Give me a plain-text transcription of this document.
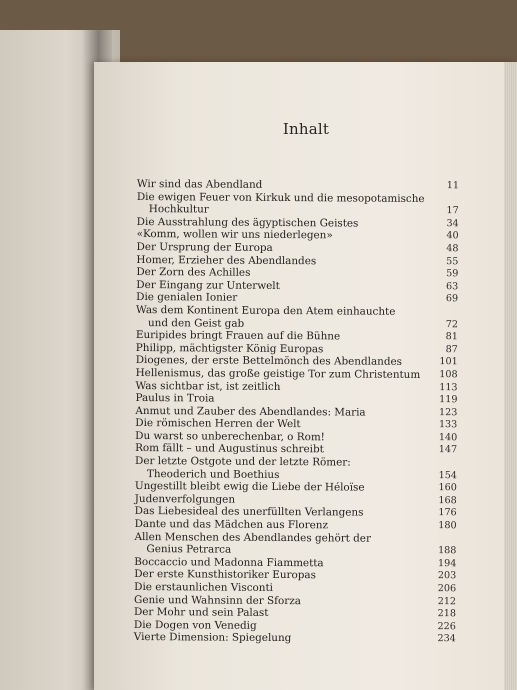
Inhalt
Wir sind das Abendland	11
Die ewigen Feuer von Kirkuk und die mesopotamische
Hochkultur	17
Die Ausstrahlung des ägyptischen Geistes	34
«Komm, wollen wir uns niederlegen»	40
Der Ursprung der Europa	48
Homer, Erzieher des Abendlandes	55
Der Zorn des Achilles	59
Der Eingang zur Unterwelt	63
Die genialen Ionier	69
Was dem Kontinent Europa den Atem einhauchte
und den Geist gab	72
Euripides bringt Frauen auf die Bühne	81
Philipp, mächtigster König Europas	87
Diogenes, der erste Bettelmönch des Abendlandes	101
Hellenismus, das große geistige Tor zum Christentum	108
Was sichtbar ist, ist zeitlich	113
Paulus in Troia	119
Anmut und Zauber des Abendlandes: Maria	123
Die römischen Herren der Welt	133
Du warst so unberechenbar, o Rom!	140
Rom fällt – und Augustinus schreibt	147
Der letzte Ostgote und der letzte Römer:
Theoderich und Boethius	154
Ungestillt bleibt ewig die Liebe der Héloïse	160
Judenverfolgungen	168
Das Liebesideal des unerfüllten Verlangens	176
Dante und das Mädchen aus Florenz	180
Allen Menschen des Abendlandes gehört der
Genius Petrarca	188
Boccaccio und Madonna Fiammetta	194
Der erste Kunsthistoriker Europas	203
Die erstaunlichen Visconti	206
Genie und Wahnsinn der Sforza	212
Der Mohr und sein Palast	218
Die Dogen von Venedig	226
Vierte Dimension: Spiegelung	234
